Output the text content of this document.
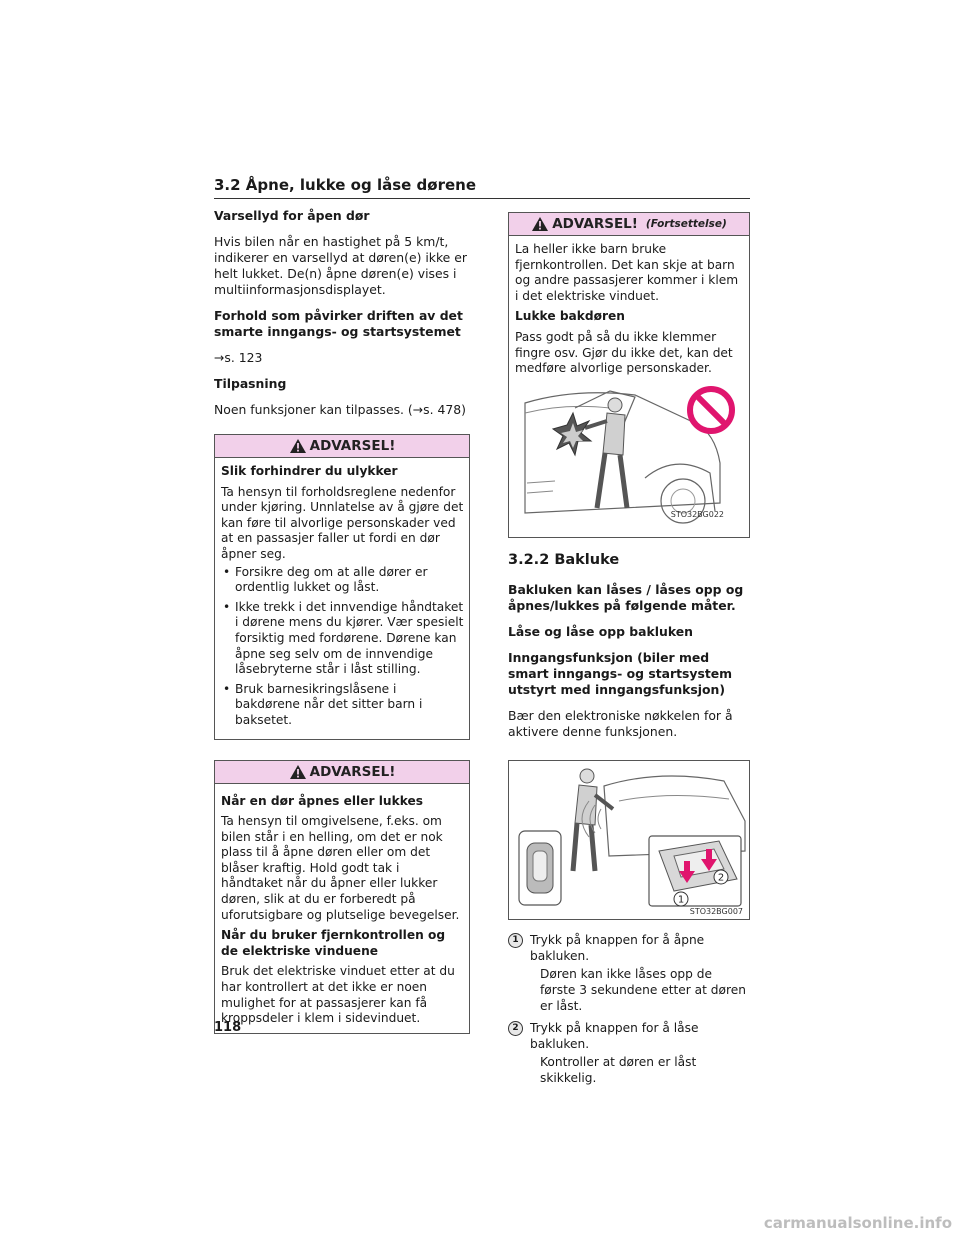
3.2 Åpne, lukke og låse dørene
Varsellyd for åpen dør

Hvis bilen når en hastighet på 5 km/t, indikerer en varsellyd at døren(e) ikke er helt lukket. De(n) åpne døren(e) vises i multiinformasjonsdisplayet.

Forhold som påvirker driften av det smarte inngangs- og startsystemet

→s. 123

Tilpasning

Noen funksjoner kan tilpasses. (→s. 478)

ADVARSEL!
Slik forhindrer du ulykker

Ta hensyn til forholdsreglene nedenfor under kjøring. Unnlatelse av å gjøre det kan føre til alvorlige personskader ved at en passasjer faller ut fordi en dør åpner seg.

• Forsikre deg om at alle dører er ordentlig lukket og låst.
• Ikke trekk i det innvendige håndtaket i dørene mens du kjører. Vær spesielt forsiktig med fordørene. Dørene kan åpne seg selv om de innvendige låsebryterne står i låst stilling.
• Bruk barnesikringslåsene i bakdørene når det sitter barn i baksetet.
ADVARSEL!
Når en dør åpnes eller lukkes

Ta hensyn til omgivelsene, f.eks. om bilen står i en helling, om det er nok plass til å åpne døren eller om det blåser kraftig. Hold godt tak i håndtaket når du åpner eller lukker døren, slik at du er forberedt på uforutsigbare og plutselige bevegelser.

Når du bruker fjernkontrollen og de elektriske vinduene

Bruk det elektriske vinduet etter at du har kontrollert at det ikke er noen mulighet for at passasjerer kan få kroppsdeler i klem i sidevinduet.

ADVARSEL! (Fortsettelse)

La heller ikke barn bruke fjernkontrollen. Det kan skje at barn og andre passasjerer kommer i klem i det elektriske vinduet.

Lukke bakdøren

Pass godt på så du ikke klemmer fingre osv. Gjør du ikke det, kan det medføre alvorlige personskader.

STO32BG022
3.2.2 Bakluke
Bakluken kan låses / låses opp og åpnes/lukkes på følgende måter.
Låse og låse opp bakluken
Inngangsfunksjon (biler med smart inngangs- og startsystem utstyrt med inngangsfunksjon)

Bær den elektroniske nøkkelen for å aktivere denne funksjonen.

1
2
STO32BG007
1 Trykk på knappen for å åpne bakluken.

Døren kan ikke låses opp de første 3 sekundene etter at døren er låst.

2 Trykk på knappen for å låse bakluken.

Kontroller at døren er låst skikkelig.

118
carmanualsonline.info
